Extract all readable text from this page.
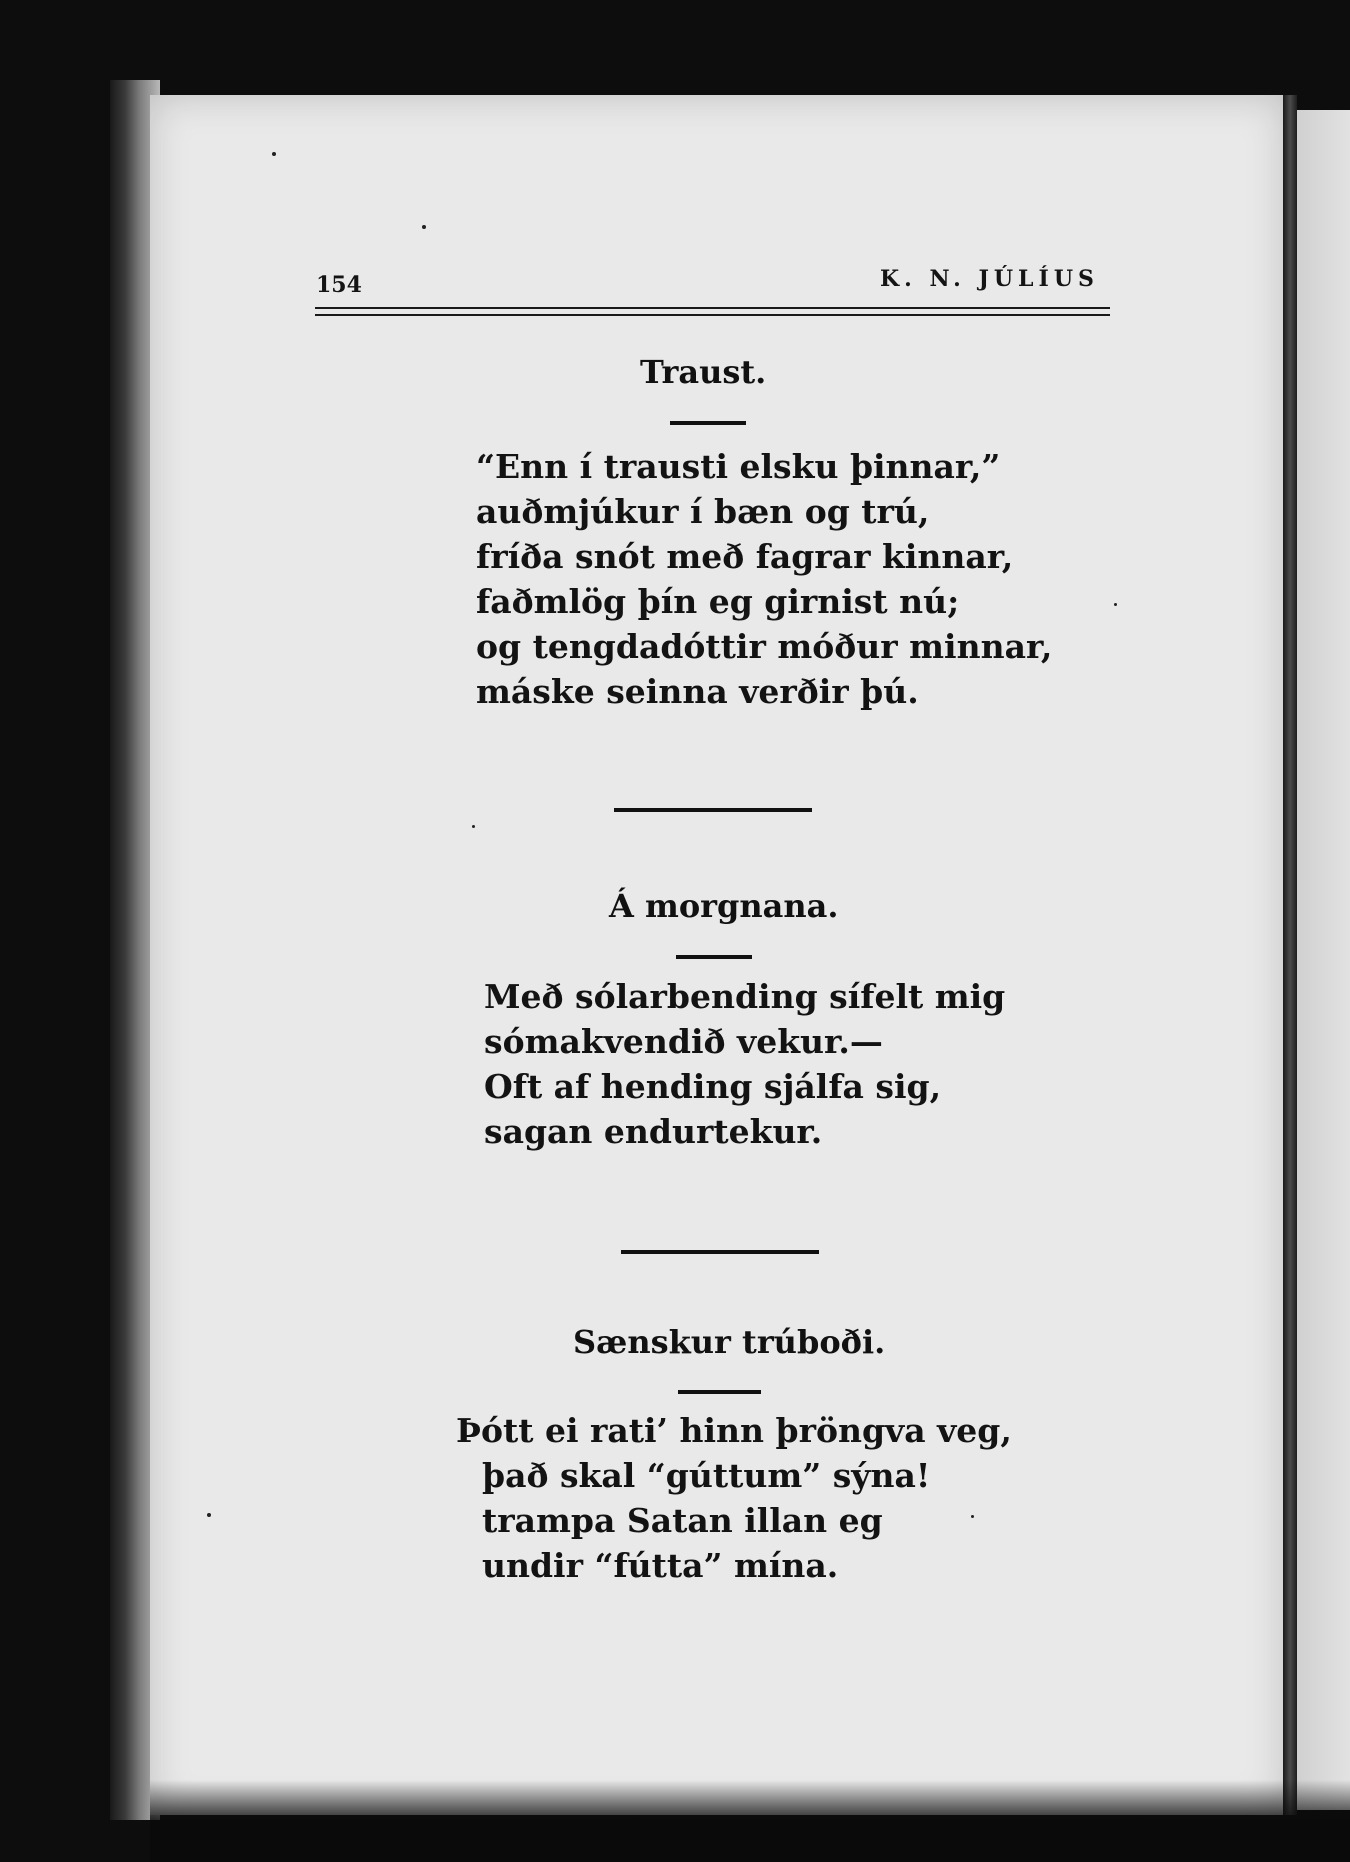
154	K. N. JÚLÍUS
Traust.
“Enn í trausti elsku þinnar,”
auðmjúkur í bæn og trú,
fríða snót með fagrar kinnar,
faðmlög þín eg girnist nú;
og tengdadóttir móður minnar,
máske seinna verðir þú.
Á morgnana.
Með sólarbending sífelt mig
sómakvendið vekur.—
Oft af hending sjálfa sig,
sagan endurtekur.
Sænskur trúboði.
Þótt ei rati’ hinn þröngva veg,
það skal “gúttum” sýna!
trampa Satan illan eg
undir “fútta” mína.
